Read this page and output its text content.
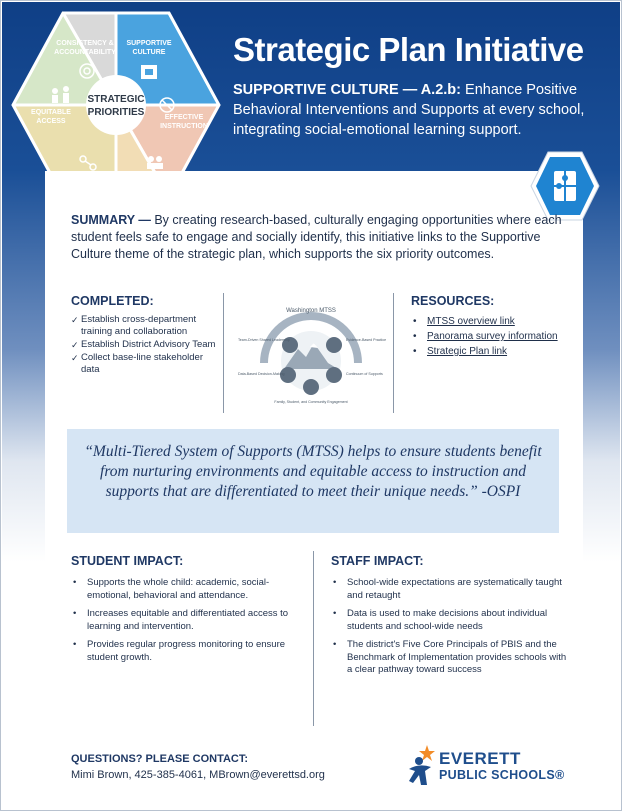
STRATEGIC
PRIORITIES
CONSISTENCY &
ACCOUNTABILITY
SUPPORTIVE
CULTURE
EFFECTIVE
INSTRUCTION
EQUITABLE
ACCESS
Strategic Plan Initiative
SUPPORTIVE CULTURE — A.2.b: Enhance Positive Behavioral Interventions and Supports at every school, integrating social-emotional learning support.
SUMMARY — By creating research-based, culturally engaging opportunities where each student feels safe to engage and socially identify, this initiative links to the Supportive Culture theme of the strategic plan, which supports the six priority outcomes.
COMPLETED:
✓ Establish cross-department training and collaboration
✓ Establish District Advisory Team
✓ Collect base-line stakeholder data
Washington MTSS
Team-Driven Shared Leadership
Data-Based Decision-Making
Family, Student, and Community Engagement
Continuum of Supports
Evidence-Based Practices
RESOURCES:
• MTSS overview link
• Panorama survey information
• Strategic Plan link
“Multi-Tiered System of Supports (MTSS) helps to ensure students benefit from nurturing environments and equitable access to instruction and supports that are differentiated to meet their unique needs.” -OSPI
STUDENT IMPACT:
• Supports the whole child: academic, social-emotional, behavioral and attendance.
• Increases equitable and differentiated access to learning and intervention.
• Provides regular progress monitoring to ensure student growth.
STAFF IMPACT:
• School-wide expectations are systematically taught and retaught
• Data is used to make decisions about individual students and school-wide needs
• The district's Five Core Principals of PBIS and the Benchmark of Implementation provides schools with a clear pathway toward success
QUESTIONS? PLEASE CONTACT:
Mimi Brown, 425-385-4061, MBrown@everettsd.org
EVERETT
PUBLIC SCHOOLS®
